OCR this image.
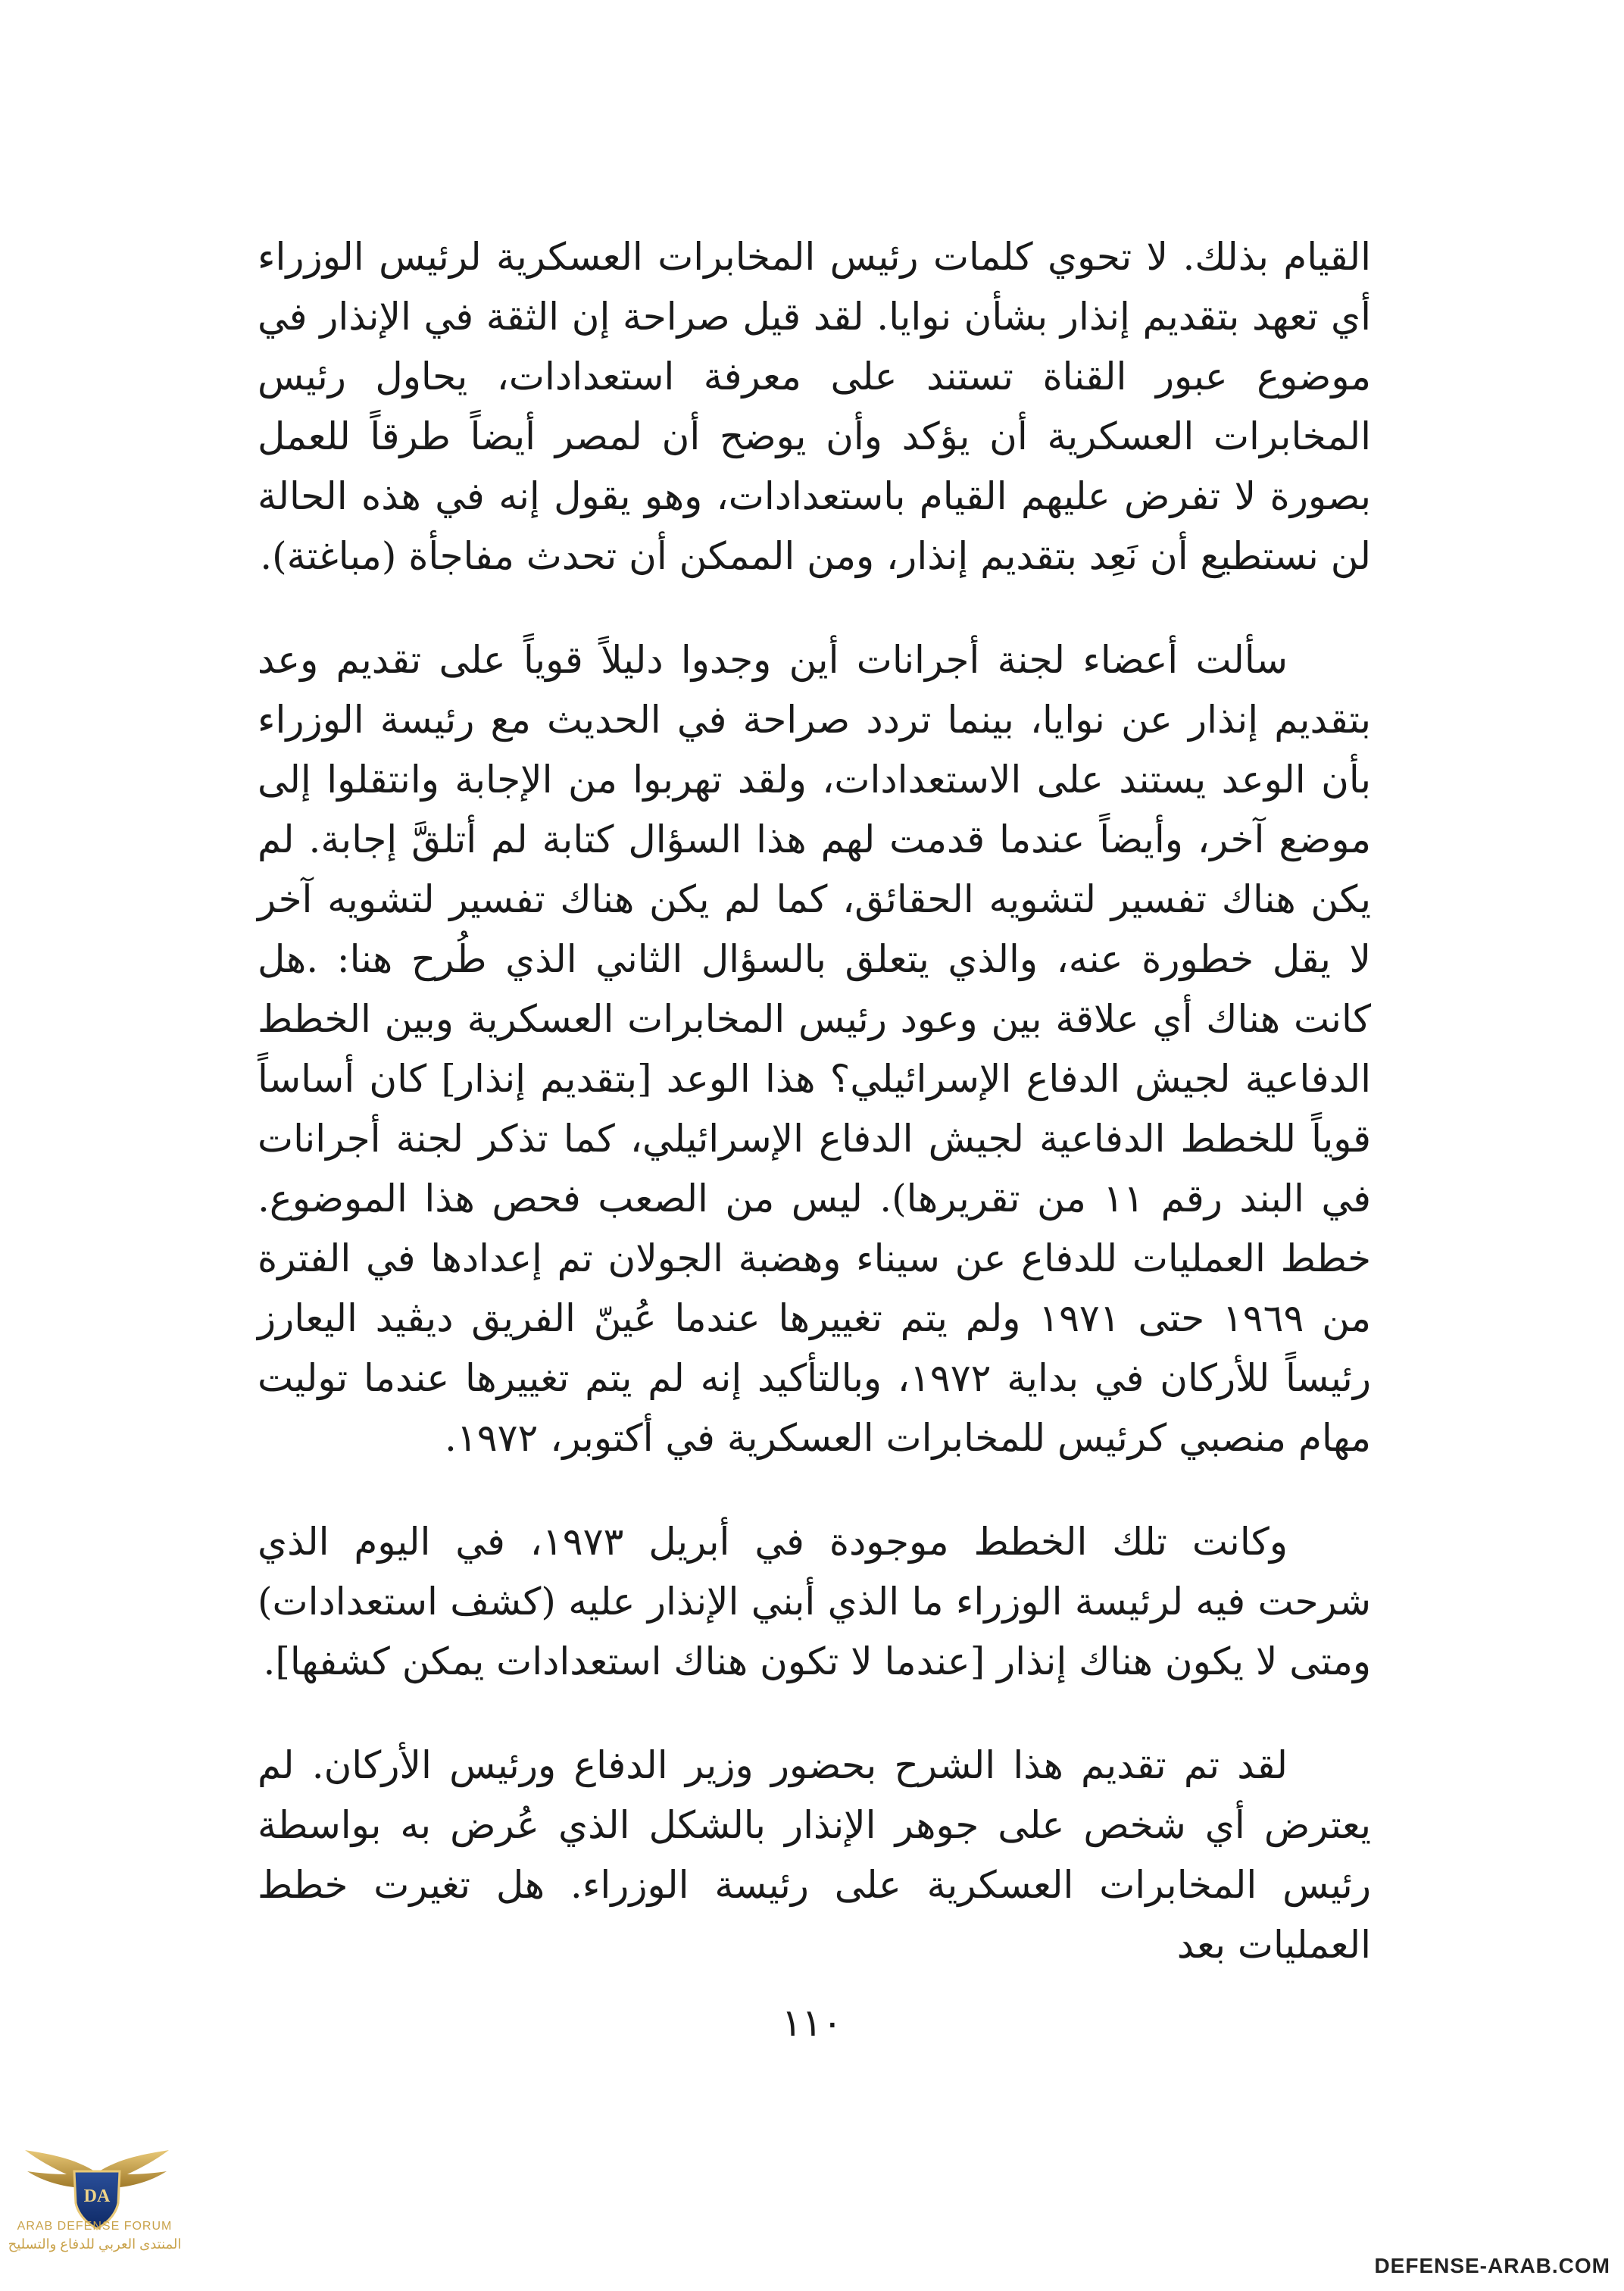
القيام بذلك. لا تحوي كلمات رئيس المخابرات العسكرية لرئيس الوزراء أي تعهد بتقديم إنذار بشأن نوايا. لقد قيل صراحة إن الثقة في الإنذار في موضوع عبور القناة تستند على معرفة استعدادات، يحاول رئيس المخابرات العسكرية أن يؤكد وأن يوضح أن لمصر أيضاً طرقاً للعمل بصورة لا تفرض عليهم القيام باستعدادات، وهو يقول إنه في هذه الحالة لن نستطيع أن نَعِد بتقديم إنذار، ومن الممكن أن تحدث مفاجأة (مباغتة).

سألت أعضاء لجنة أجرانات أين وجدوا دليلاً قوياً على تقديم وعد بتقديم إنذار عن نوايا، بينما تردد صراحة في الحديث مع رئيسة الوزراء بأن الوعد يستند على الاستعدادات، ولقد تهربوا من الإجابة وانتقلوا إلى موضع آخر، وأيضاً عندما قدمت لهم هذا السؤال كتابة لم أتلقَّ إجابة. لم يكن هناك تفسير لتشويه الحقائق، كما لم يكن هناك تفسير لتشويه آخر لا يقل خطورة عنه، والذي يتعلق بالسؤال الثاني الذي طُرح هنا: .هل كانت هناك أي علاقة بين وعود رئيس المخابرات العسكرية وبين الخطط الدفاعية لجيش الدفاع الإسرائيلي؟ هذا الوعد [بتقديم إنذار] كان أساساً قوياً للخطط الدفاعية لجيش الدفاع الإسرائيلي، كما تذكر لجنة أجرانات في البند رقم ١١ من تقريرها). ليس من الصعب فحص هذا الموضوع. خطط العمليات للدفاع عن سيناء وهضبة الجولان تم إعدادها في الفترة من ١٩٦٩ حتى ١٩٧١ ولم يتم تغييرها عندما عُينّ الفريق ديڤيد اليعارز رئيساً للأركان في بداية ١٩٧٢، وبالتأكيد إنه لم يتم تغييرها عندما توليت مهام منصبي كرئيس للمخابرات العسكرية في أكتوبر، ١٩٧٢.

وكانت تلك الخطط موجودة في أبريل ١٩٧٣، في اليوم الذي شرحت فيه لرئيسة الوزراء ما الذي أبني الإنذار عليه (كشف استعدادات) ومتى لا يكون هناك إنذار [عندما لا تكون هناك استعدادات يمكن كشفها].

لقد تم تقديم هذا الشرح بحضور وزير الدفاع ورئيس الأركان. لم يعترض أي شخص على جوهر الإنذار بالشكل الذي عُرض به بواسطة رئيس المخابرات العسكرية على رئيسة الوزراء. هل تغيرت خطط العمليات بعد

١١٠
DA
ARAB DEFENSE FORUM
المنتدى العربي للدفاع والتسليح
DEFENSE-ARAB.COM
